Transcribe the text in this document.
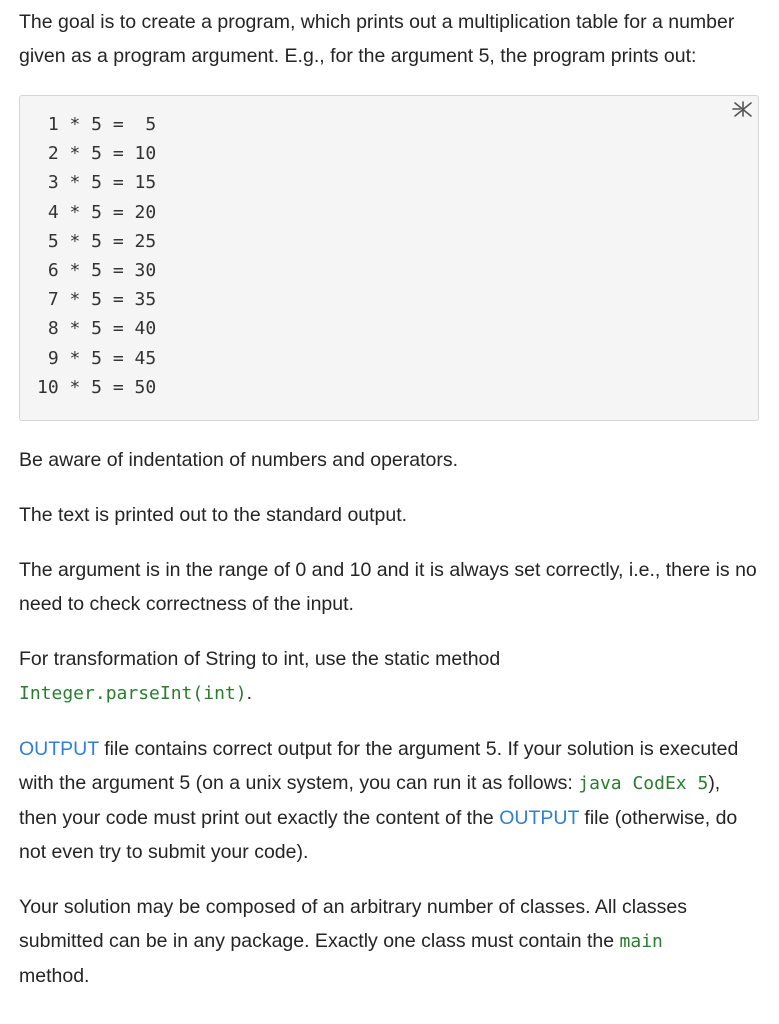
The goal is to create a program, which prints out a multiplication table for a number given as a program argument. E.g., for the argument 5, the program prints out:

1 * 5 =  5
2 * 5 = 10
3 * 5 = 15
4 * 5 = 20
5 * 5 = 25
6 * 5 = 30
7 * 5 = 35
8 * 5 = 40
9 * 5 = 45
10 * 5 = 50

Be aware of indentation of numbers and operators.

The text is printed out to the standard output.

The argument is in the range of 0 and 10 and it is always set correctly, i.e., there is no need to check correctness of the input.

For transformation of String to int, use the static method
Integer.parseInt(int).

OUTPUT file contains correct output for the argument 5. If your solution is executed with the argument 5 (on a unix system, you can run it as follows: java CodEx 5), then your code must print out exactly the content of the OUTPUT file (otherwise, do not even try to submit your code).

Your solution may be composed of an arbitrary number of classes. All classes submitted can be in any package. Exactly one class must contain the main
method.
